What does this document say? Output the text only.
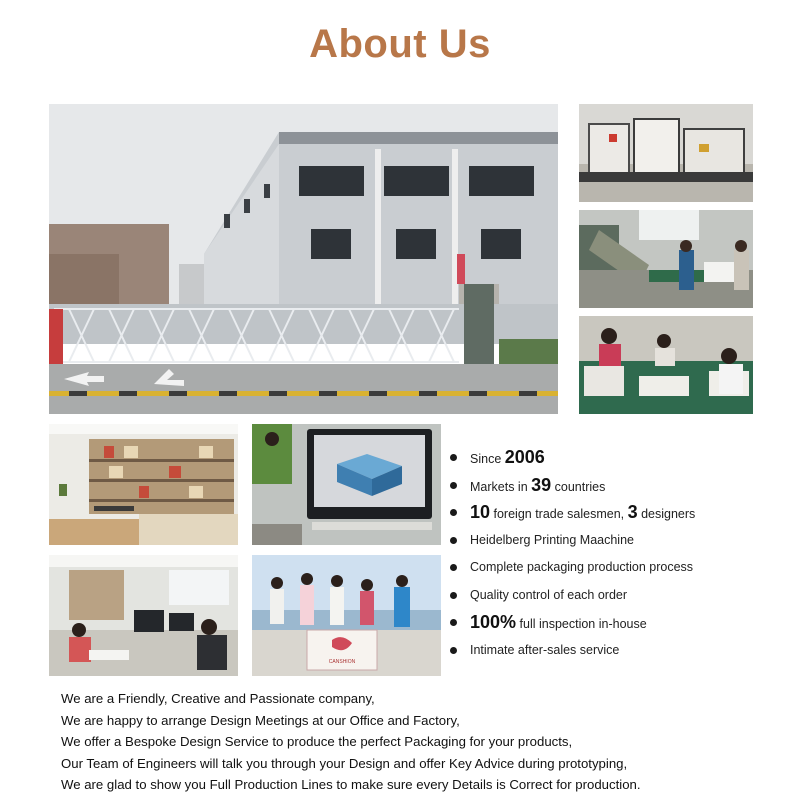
About Us
CANSHION
Since 2006
Markets in 39 countries
10 foreign trade salesmen, 3 designers
Heidelberg Printing Maachine
Complete packaging production process
Quality control of each order
100% full inspection in-house
Intimate after-sales service
We are a Friendly, Creative and Passionate company,
We are happy to arrange Design Meetings at our Office and Factory,
We offer a Bespoke Design Service to produce the perfect Packaging for your products,
Our Team of Engineers will talk you through your Design and offer Key Advice during prototyping,
We are glad to show you Full Production Lines to make sure every Details is Correct for production.
